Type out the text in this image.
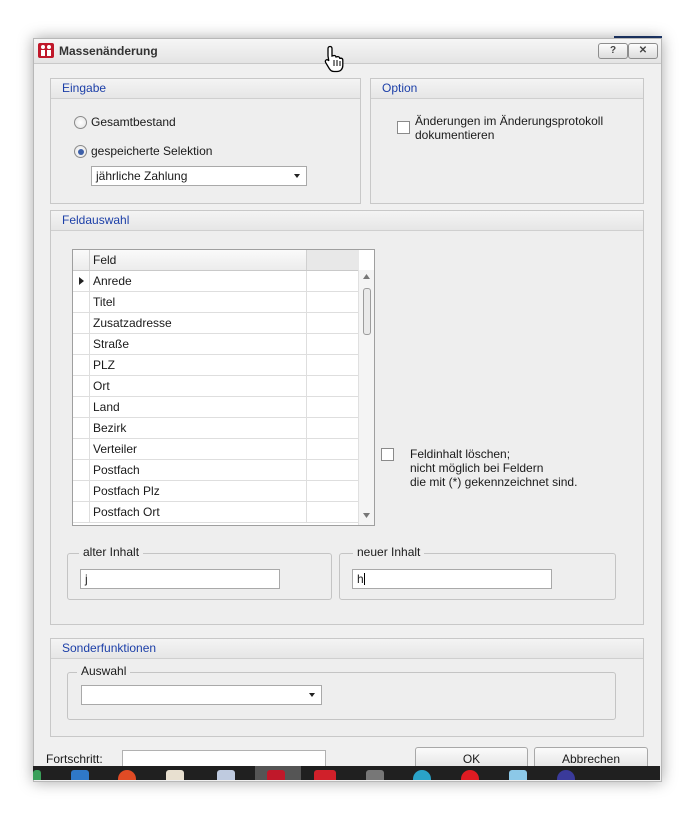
Massenänderung	?	✕
Eingabe
Gesamtbestand
gespeicherte Selektion
jährliche Zahlung
Option
Änderungen im Änderungsprotokoll
dokumentieren
Feldauswahl
Feld
Anrede
Titel
Zusatzadresse
Straße
PLZ
Ort
Land
Bezirk
Verteiler
Postfach
Postfach Plz
Postfach Ort
Feldinhalt löschen;
nicht möglich bei Feldern
die mit (*) gekennzeichnet sind.
alter Inhalt
j
neuer Inhalt
h
Sonderfunktionen
Auswahl
Fortschritt:	OK	Abbrechen
